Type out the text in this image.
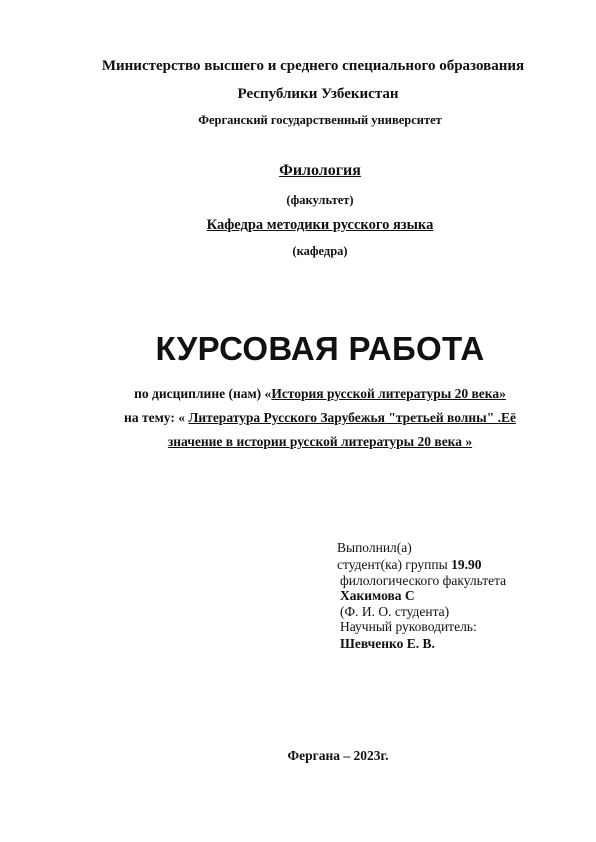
Министерство высшего и среднего специального образования
Республики Узбекистан
Ферганский государственный университет
Филология
(факультет)
Кафедра методики русского языка
(кафедра)
КУРСОВАЯ РАБОТА
по дисциплине (нам) «История русской литературы 20 века»
на тему: « Литература Русского Зарубежья "третьей волны" .Её
значение в истории русской литературы 20 века »
Выполнил(а)
студент(ка) группы 19.90
филологического факультета
Хакимова С
(Ф. И. О. студента)
Научный руководитель:
Шевченко Е. В.
Фергана – 2023г.
